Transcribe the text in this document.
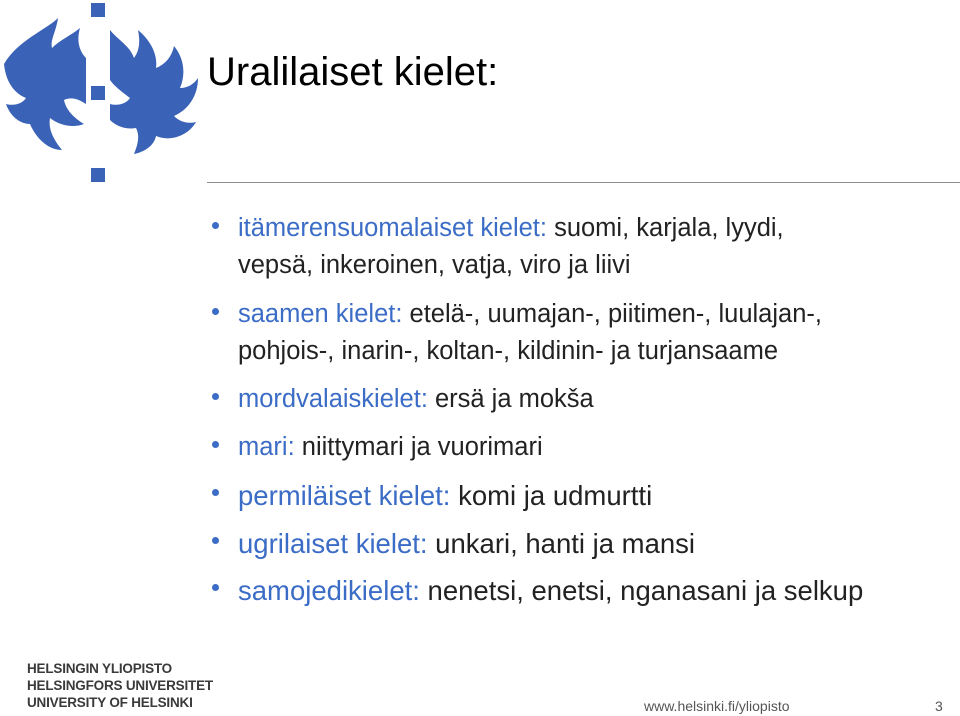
Uralilaiset kielet:
itämerensuomalaiset kielet: suomi, karjala, lyydi,
vepsä, inkeroinen, vatja, viro ja liivi
saamen kielet: etelä-, uumajan-, piitimen-, luulajan-,
pohjois-, inarin-, koltan-, kildinin- ja turjansaame
mordvalaiskielet: ersä ja mokša
mari: niittymari ja vuorimari
permiläiset kielet: komi ja udmurtti
ugrilaiset kielet: unkari, hanti ja mansi
samojedikielet: nenetsi, enetsi, nganasani ja selkup
HELSINGIN YLIOPISTO
HELSINGFORS UNIVERSITET
UNIVERSITY OF HELSINKI	www.helsinki.fi/yliopisto	3
